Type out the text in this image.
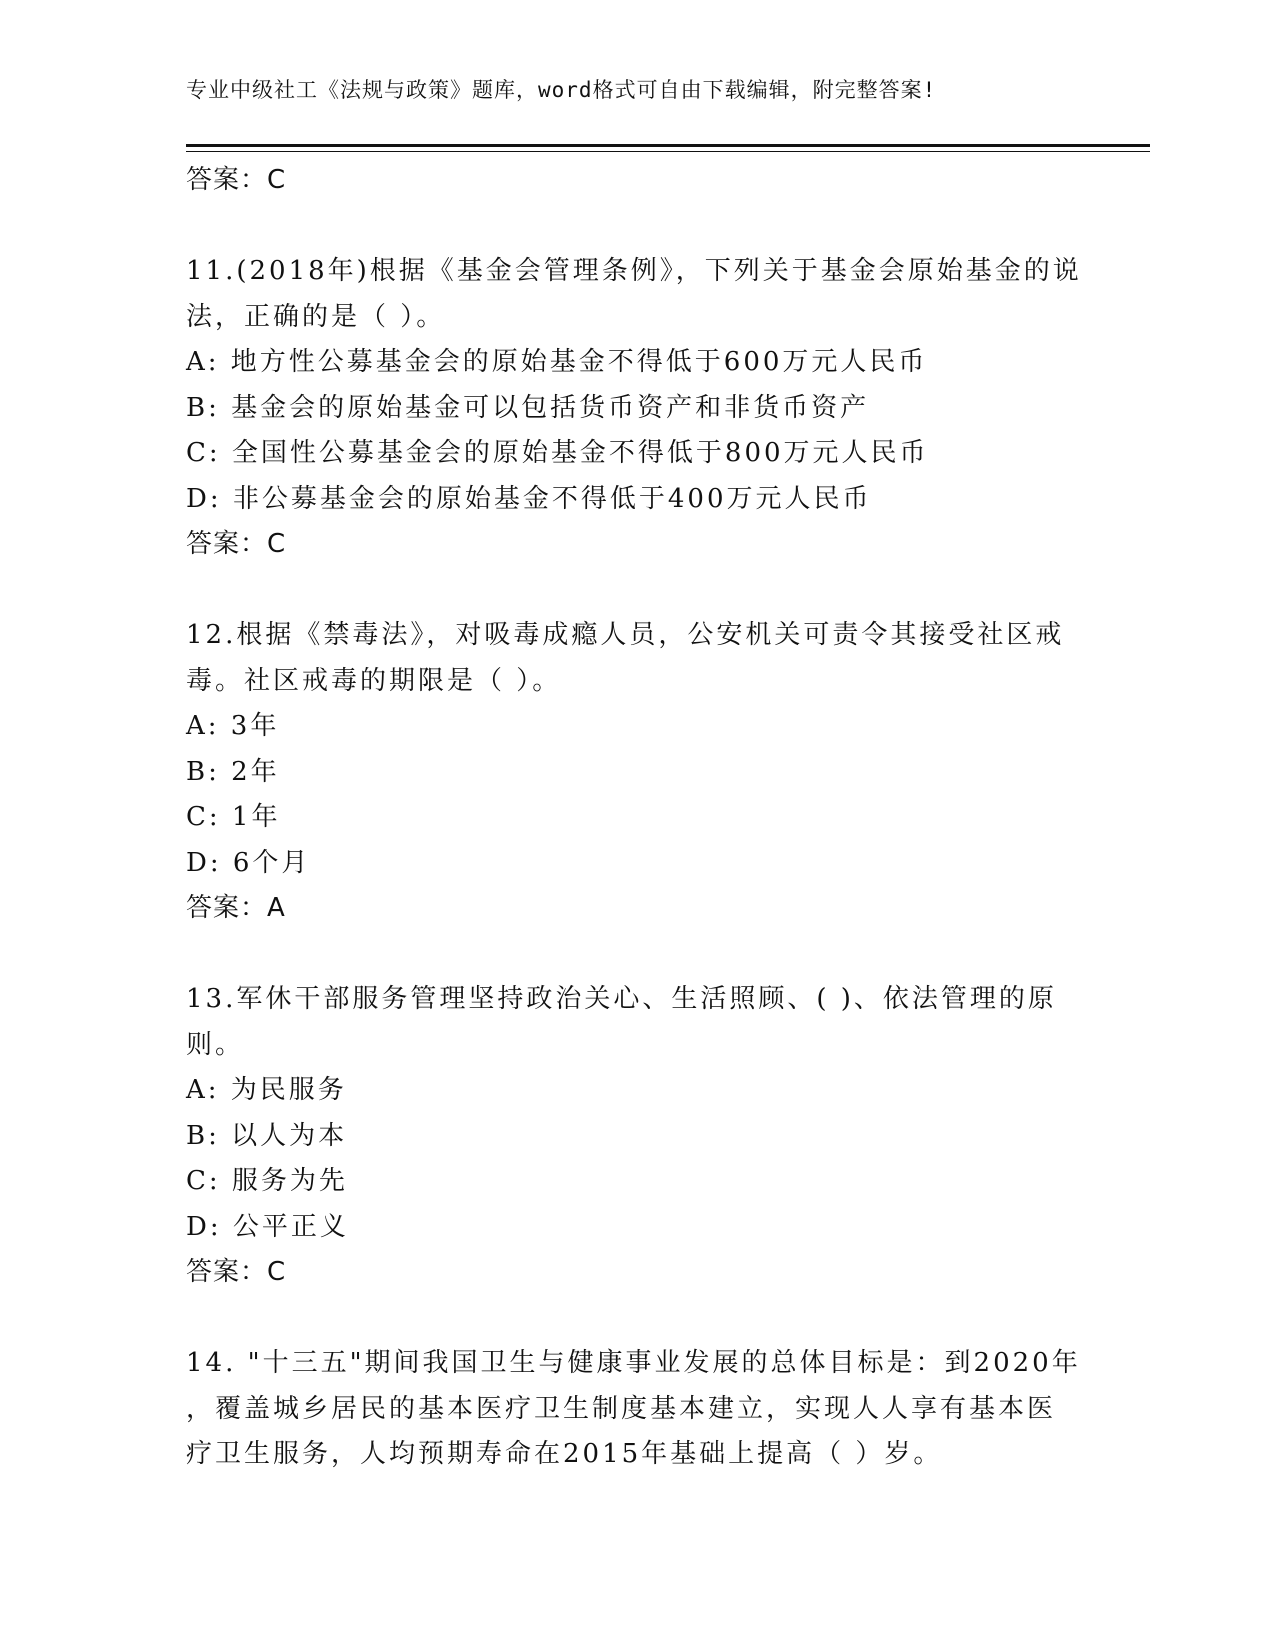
专业中级社工《法规与政策》题库，word格式可自由下载编辑，附完整答案!
答案：C
11.(2018年)根据《基金会管理条例》，下列关于基金会原始基金的说
法，正确的是（ ）。
A: 地方性公募基金会的原始基金不得低于600万元人民币
B: 基金会的原始基金可以包括货币资产和非货币资产
C: 全国性公募基金会的原始基金不得低于800万元人民币
D: 非公募基金会的原始基金不得低于400万元人民币
答案：C
12.根据《禁毒法》，对吸毒成瘾人员，公安机关可责令其接受社区戒
毒。社区戒毒的期限是（ ）。
A: 3年
B: 2年
C: 1年
D: 6个月
答案：A
13.军休干部服务管理坚持政治关心、生活照顾、( )、依法管理的原
则。
A: 为民服务
B: 以人为本
C: 服务为先
D: 公平正义
答案：C
14. "十三五"期间我国卫生与健康事业发展的总体目标是：到2020年
，覆盖城乡居民的基本医疗卫生制度基本建立，实现人人享有基本医
疗卫生服务，人均预期寿命在2015年基础上提高（ ）岁。
